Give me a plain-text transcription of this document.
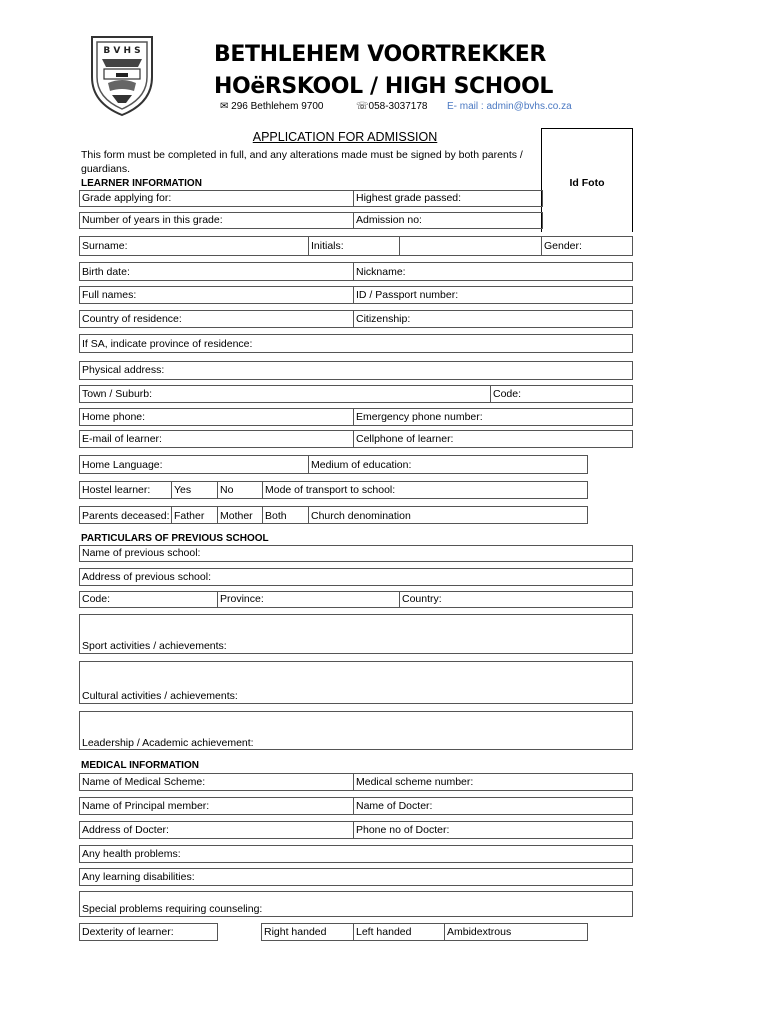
B V H S	BETHLEHEM VOORTREKKER
HOëRSKOOL / HIGH SCHOOL
✉ 296 Bethlehem 9700	☏058-3037178 E- mail : admin@bvhs.co.za
APPLICATION FOR ADMISSION
This form must be completed in full, and any alterations made must be signed by both parents / guardians.
Id Foto
LEARNER INFORMATION
Grade applying for:	Highest grade passed:
Number of years in this grade:	Admission no:
Surname:	Initials:	Gender:
Birth date:	Nickname:
Full names:	ID / Passport number:
Country of residence:	Citizenship:
If SA, indicate province of residence:
Physical address:
Town / Suburb:	Code:
Home phone:	Emergency phone number:
E-mail of learner:	Cellphone of learner:
Home Language:	Medium of education:
Hostel learner: Yes	No	Mode of transport to school:
Parents deceased: Father Mother Both Church denomination
PARTICULARS OF PREVIOUS SCHOOL
Name of previous school:
Address of previous school:
Code:	Province:	Country:
Sport activities / achievements:
Cultural activities / achievements:
Leadership / Academic achievement:
MEDICAL INFORMATION
Name of Medical Scheme:	Medical scheme number:
Name of Principal member:	Name of Docter:
Address of Docter:	Phone no of Docter:
Any health problems:
Any learning disabilities:
Special problems requiring counseling:
Dexterity of learner:	Right handed	Left handed	Ambidextrous
